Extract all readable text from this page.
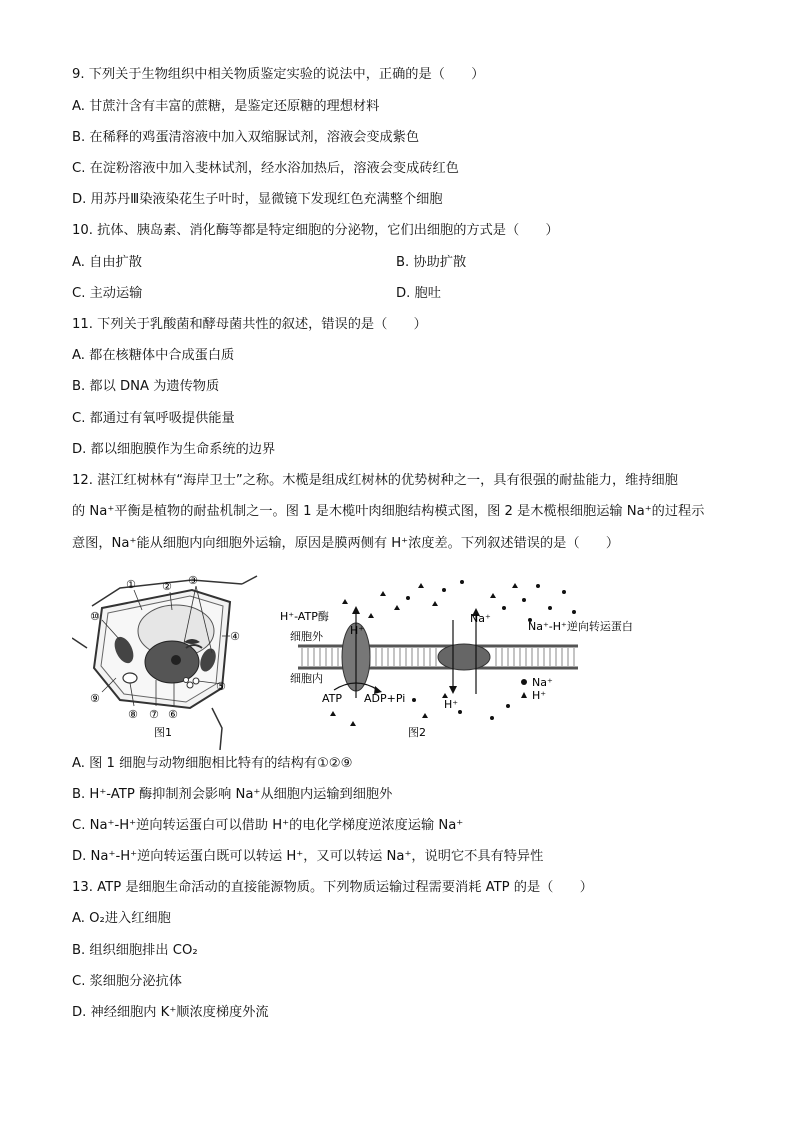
9. 下列关于生物组织中相关物质鉴定实验的说法中，正确的是（　　）
A. 甘蔗汁含有丰富的蔗糖，是鉴定还原糖的理想材料
B. 在稀释的鸡蛋清溶液中加入双缩脲试剂，溶液会变成紫色
C. 在淀粉溶液中加入斐林试剂，经水浴加热后，溶液会变成砖红色
D. 用苏丹Ⅲ染液染花生子叶时，显微镜下发现红色充满整个细胞
10. 抗体、胰岛素、消化酶等都是特定细胞的分泌物，它们出细胞的方式是（　　）
A. 自由扩散	B. 协助扩散
C. 主动运输	D. 胞吐
11. 下列关于乳酸菌和酵母菌共性的叙述，错误的是（　　）
A. 都在核糖体中合成蛋白质
B. 都以 DNA 为遗传物质
C. 都通过有氧呼吸提供能量
D. 都以细胞膜作为生命系统的边界
12. 湛江红树林有“海岸卫士”之称。木榄是组成红树林的优势树种之一，具有很强的耐盐能力，维持细胞
的 Na⁺平衡是植物的耐盐机制之一。图 1 是木榄叶肉细胞结构模式图，图 2 是木榄根细胞运输 Na⁺的过程示
意图，Na⁺能从细胞内向细胞外运输，原因是膜两侧有 H⁺浓度差。下列叙述错误的是（　　）
① ② ③
④
⑤
⑥
⑦
⑧
⑨
⑩
图1
H⁺-ATP酶
细胞外
细胞内
H⁺
Na⁺
Na⁺-H⁺逆向转运蛋白
H⁺
ATP ADP+Pi
Na⁺
H⁺
图2
A. 图 1 细胞与动物细胞相比特有的结构有①②⑨
B. H⁺-ATP 酶抑制剂会影响 Na⁺从细胞内运输到细胞外
C. Na⁺-H⁺逆向转运蛋白可以借助 H⁺的电化学梯度逆浓度运输 Na⁺
D. Na⁺-H⁺逆向转运蛋白既可以转运 H⁺，又可以转运 Na⁺，说明它不具有特异性
13. ATP 是细胞生命活动的直接能源物质。下列物质运输过程需要消耗 ATP 的是（　　）
A. O₂进入红细胞
B. 组织细胞排出 CO₂
C. 浆细胞分泌抗体
D. 神经细胞内 K⁺顺浓度梯度外流
